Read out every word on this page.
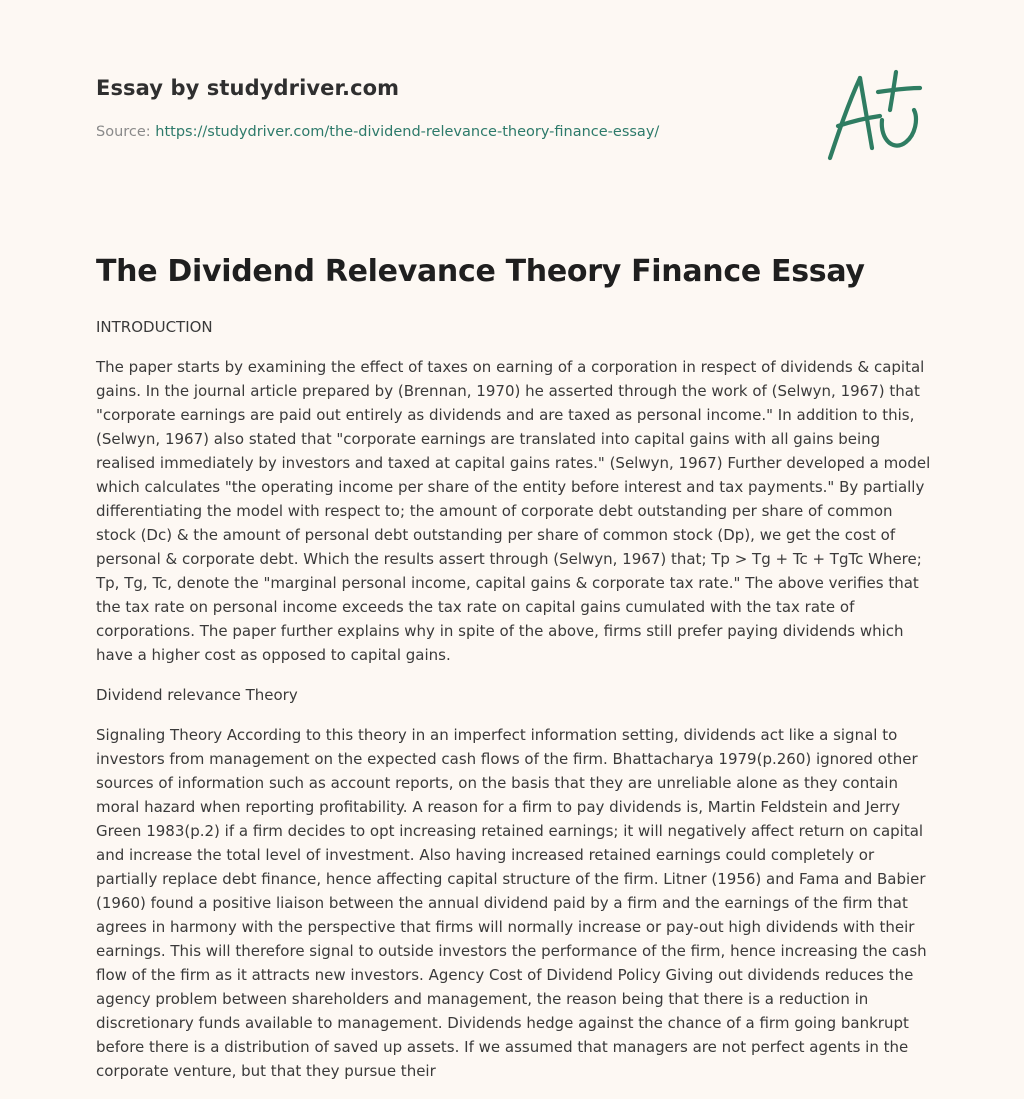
Essay by studydriver.com
Source: https://studydriver.com/the-dividend-relevance-theory-finance-essay/
The Dividend Relevance Theory Finance Essay

INTRODUCTION

The paper starts by examining the effect of taxes on earning of a corporation in respect of dividends & capital gains. In the journal article prepared by (Brennan, 1970) he asserted through the work of (Selwyn, 1967) that "corporate earnings are paid out entirely as dividends and are taxed as personal income." In addition to this, (Selwyn, 1967) also stated that "corporate earnings are translated into capital gains with all gains being realised immediately by investors and taxed at capital gains rates." (Selwyn, 1967) Further developed a model which calculates "the operating income per share of the entity before interest and tax payments." By partially differentiating the model with respect to; the amount of corporate debt outstanding per share of common stock (Dc) & the amount of personal debt outstanding per share of common stock (Dp), we get the cost of personal & corporate debt. Which the results assert through (Selwyn, 1967) that; Tp > Tg + Tc + TgTc Where; Tp, Tg, Tc, denote the "marginal personal income, capital gains & corporate tax rate." The above verifies that the tax rate on personal income exceeds the tax rate on capital gains cumulated with the tax rate of corporations. The paper further explains why in spite of the above, firms still prefer paying dividends which have a higher cost as opposed to capital gains.

Dividend relevance Theory

Signaling Theory According to this theory in an imperfect information setting, dividends act like a signal to investors from management on the expected cash flows of the firm. Bhattacharya 1979(p.260) ignored other sources of information such as account reports, on the basis that they are unreliable alone as they contain moral hazard when reporting profitability. A reason for a firm to pay dividends is, Martin Feldstein and Jerry Green 1983(p.2) if a firm decides to opt increasing retained earnings; it will negatively affect return on capital and increase the total level of investment. Also having increased retained earnings could completely or partially replace debt finance, hence affecting capital structure of the firm. Litner (1956) and Fama and Babier (1960) found a positive liaison between the annual dividend paid by a firm and the earnings of the firm that agrees in harmony with the perspective that firms will normally increase or pay-out high dividends with their earnings. This will therefore signal to outside investors the performance of the firm, hence increasing the cash flow of the firm as it attracts new investors. Agency Cost of Dividend Policy Giving out dividends reduces the agency problem between shareholders and management, the reason being that there is a reduction in discretionary funds available to management. Dividends hedge against the chance of a firm going bankrupt before there is a distribution of saved up assets. If we assumed that managers are not perfect agents in the corporate venture, but that they pursue their
